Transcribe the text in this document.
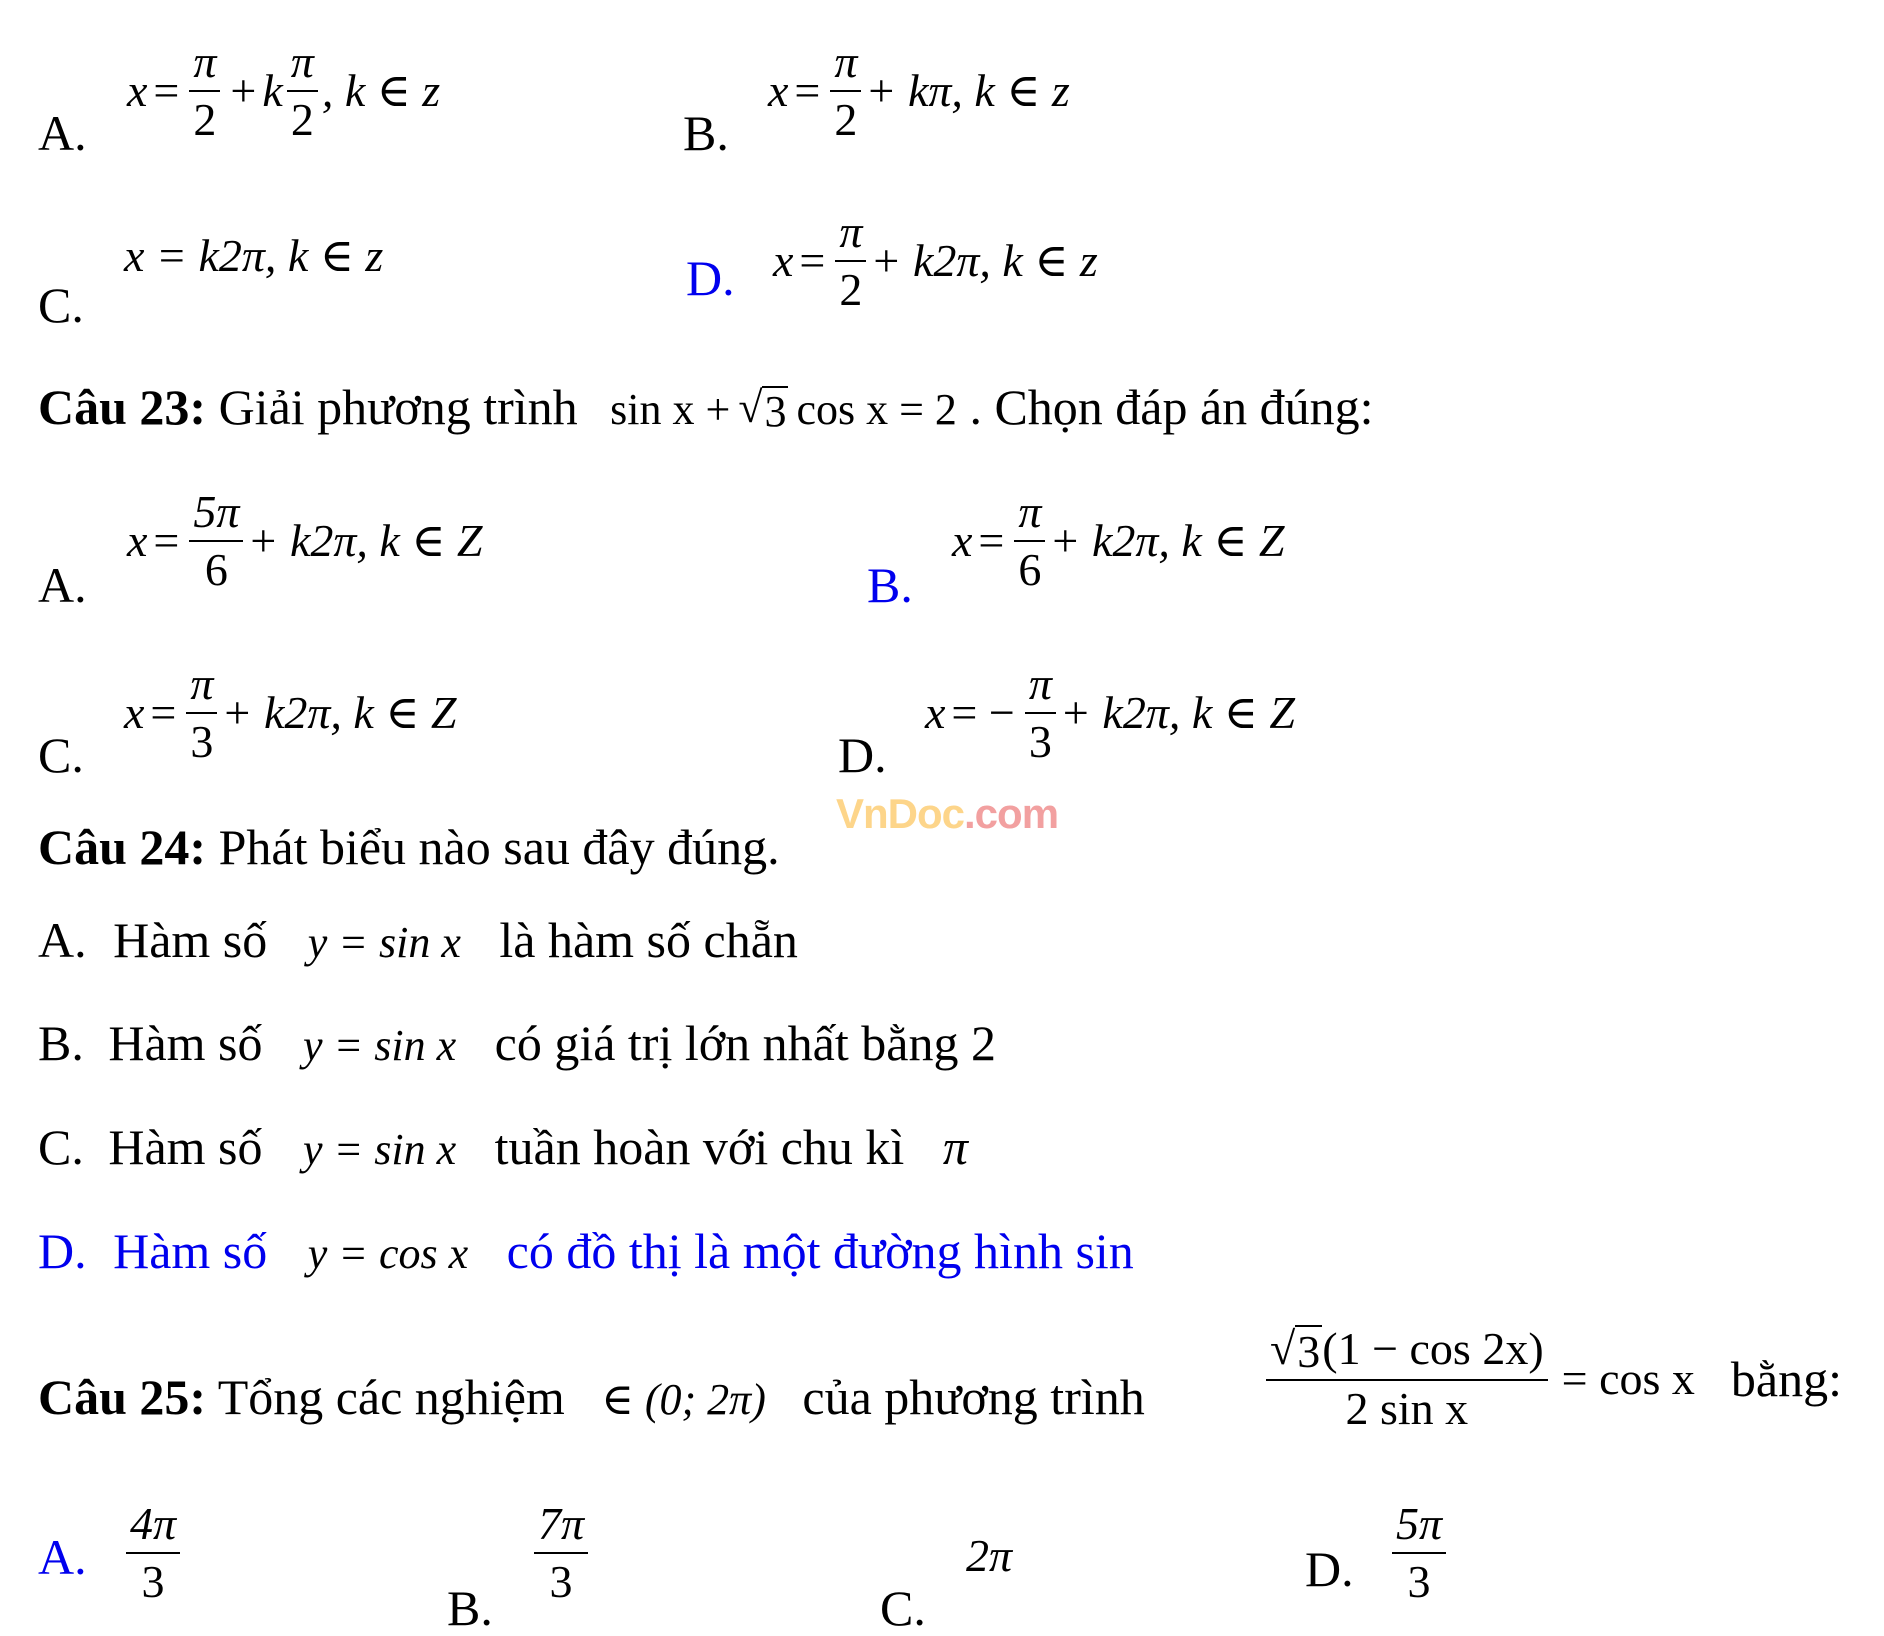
A.
$x = \frac{\pi}{2} + k \frac{\pi}{2}$ , k ∈ z
B.
$x = \frac{\pi}{2} + k\pi$, k ∈ z
C.
x = k2π, k ∈ z	D. $x = \frac{\pi}{2} + k2\pi$, k ∈ z
Câu 23: Giải phương trình sin x + √ 3 cos x = 2 . Chọn đáp án đúng:
A.
$x = \frac{5\pi}{6} + k2\pi$, k ∈ Z
B.
$x = \frac{\pi}{6} + k2\pi$, k ∈ Z
C.
$x = \frac{\pi}{3} + k2\pi$, k ∈ Z
D.
x = − $\frac{\pi}{3} + k2\pi$, k ∈ Z
VnDoc.com
Câu 24: Phát biểu nào sau đây đúng.
A. Hàm số y = sin x là hàm số chẵn
B. Hàm số y = sin x có giá trị lớn nhất bằng 2
C. Hàm số y = sin x tuần hoàn với chu kì π
D. Hàm số y = cos x có đồ thị là một đường hình sin
Câu 25: Tổng các nghiệm ∈ (0; 2π) của phương trình	$\frac{√ 3 (1 - \cos 2x)}{\text{2 sin x}} = \cos x$ bằng:
A. $\frac{4\pi}{3}$
B.
$\frac{7\pi}{3}$
C.
2π	D. $\frac{5\pi}{3}$
